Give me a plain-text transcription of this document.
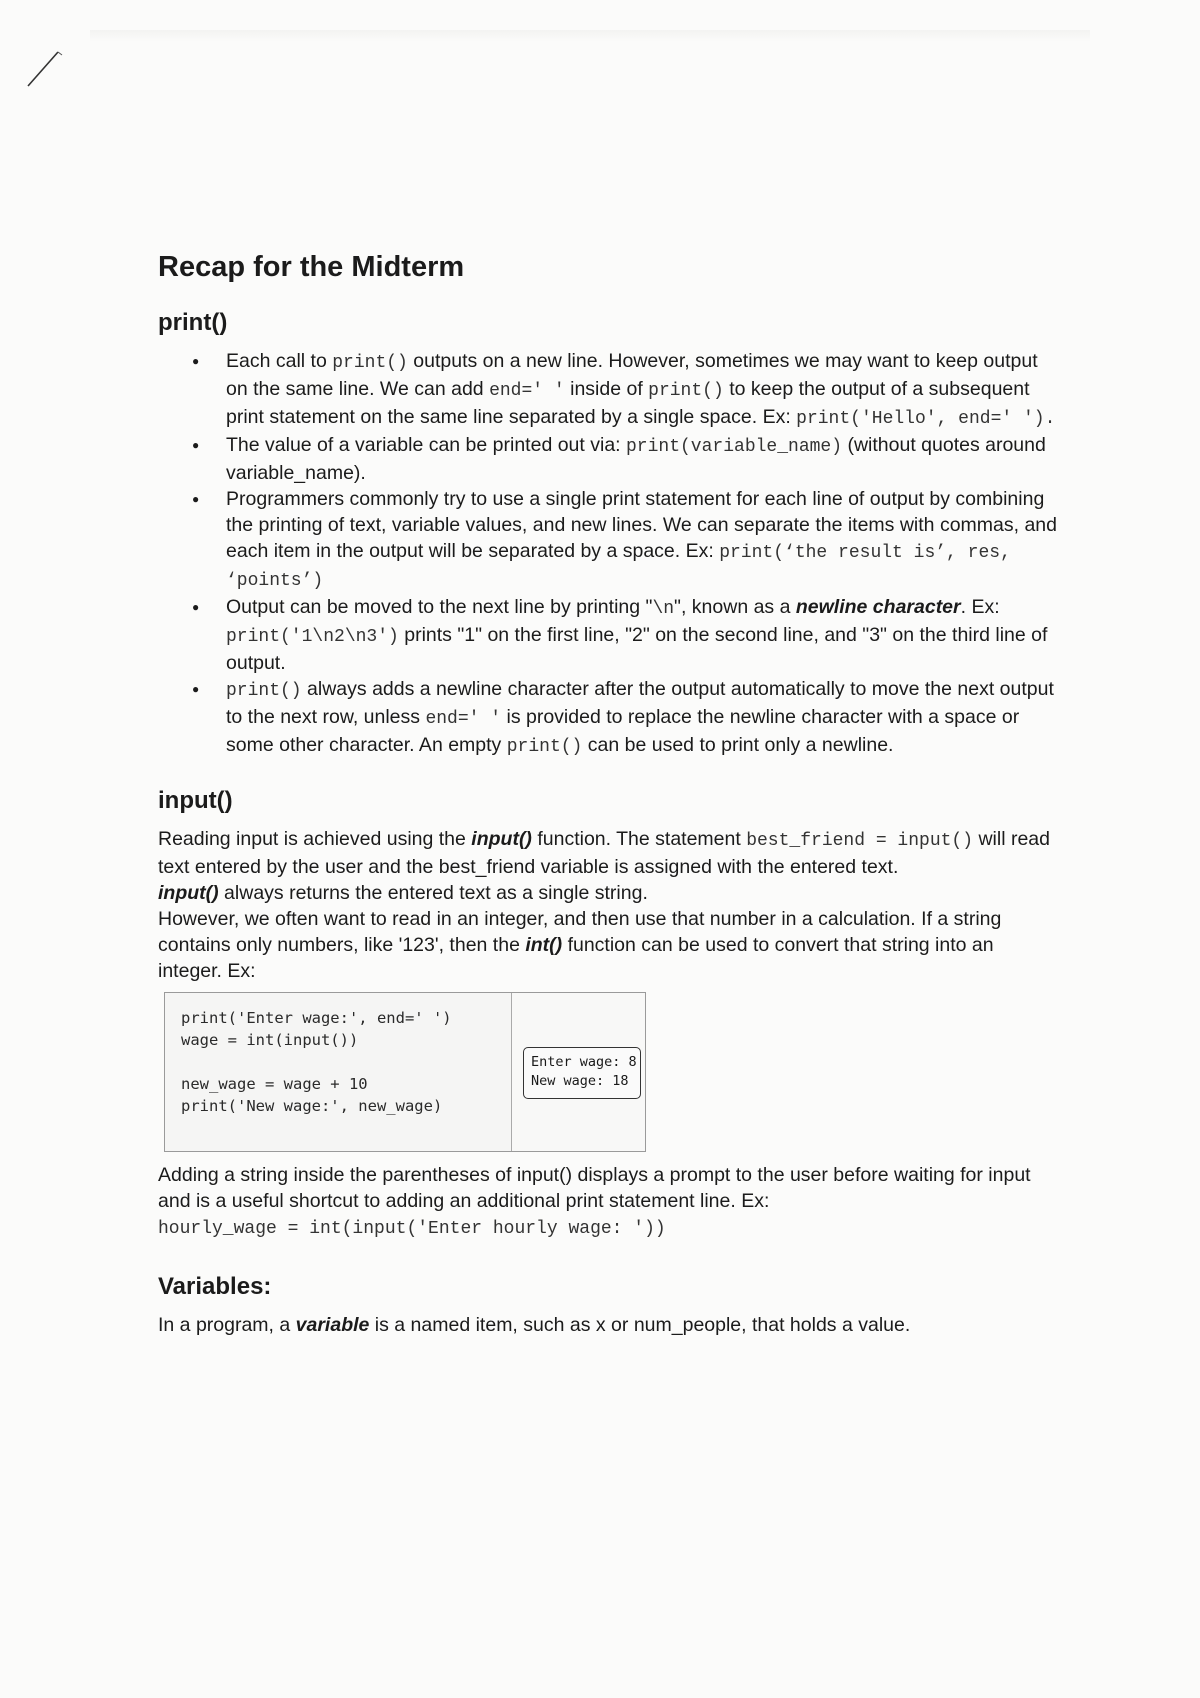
Recap for the Midterm
print()
● Each call to print() outputs on a new line. However, sometimes we may want to keep output on the same line. We can add end=' ' inside of print() to keep the output of a subsequent print statement on the same line separated by a single space. Ex: print('Hello', end=' ').
● The value of a variable can be printed out via: print(variable_name) (without quotes around variable_name).
● Programmers commonly try to use a single print statement for each line of output by combining the printing of text, variable values, and new lines. We can separate the items with commas, and each item in the output will be separated by a space. Ex: print(‘the result is’, res, ‘points’)
● Output can be moved to the next line by printing "\n", known as a newline character. Ex: print('1\n2\n3') prints "1" on the first line, "2" on the second line, and "3" on the third line of output.
● print() always adds a newline character after the output automatically to move the next output to the next row, unless end=' ' is provided to replace the newline character with a space or some other character. An empty print() can be used to print only a newline.
input()

Reading input is achieved using the input() function. The statement best_friend = input() will read text entered by the user and the best_friend variable is assigned with the entered text.

input() always returns the entered text as a single string.

However, we often want to read in an integer, and then use that number in a calculation. If a string contains only numbers, like '123', then the int() function can be used to convert that string into an integer. Ex:

print('Enter wage:', end=' ')
wage = int(input())
new_wage = wage + 10
print('New wage:', new_wage)
Enter wage: 8
New wage: 18

Adding a string inside the parentheses of input() displays a prompt to the user before waiting for input and is a useful shortcut to adding an additional print statement line. Ex:

hourly_wage = int(input('Enter hourly wage: '))

Variables:

In a program, a variable is a named item, such as x or num_people, that holds a value.
